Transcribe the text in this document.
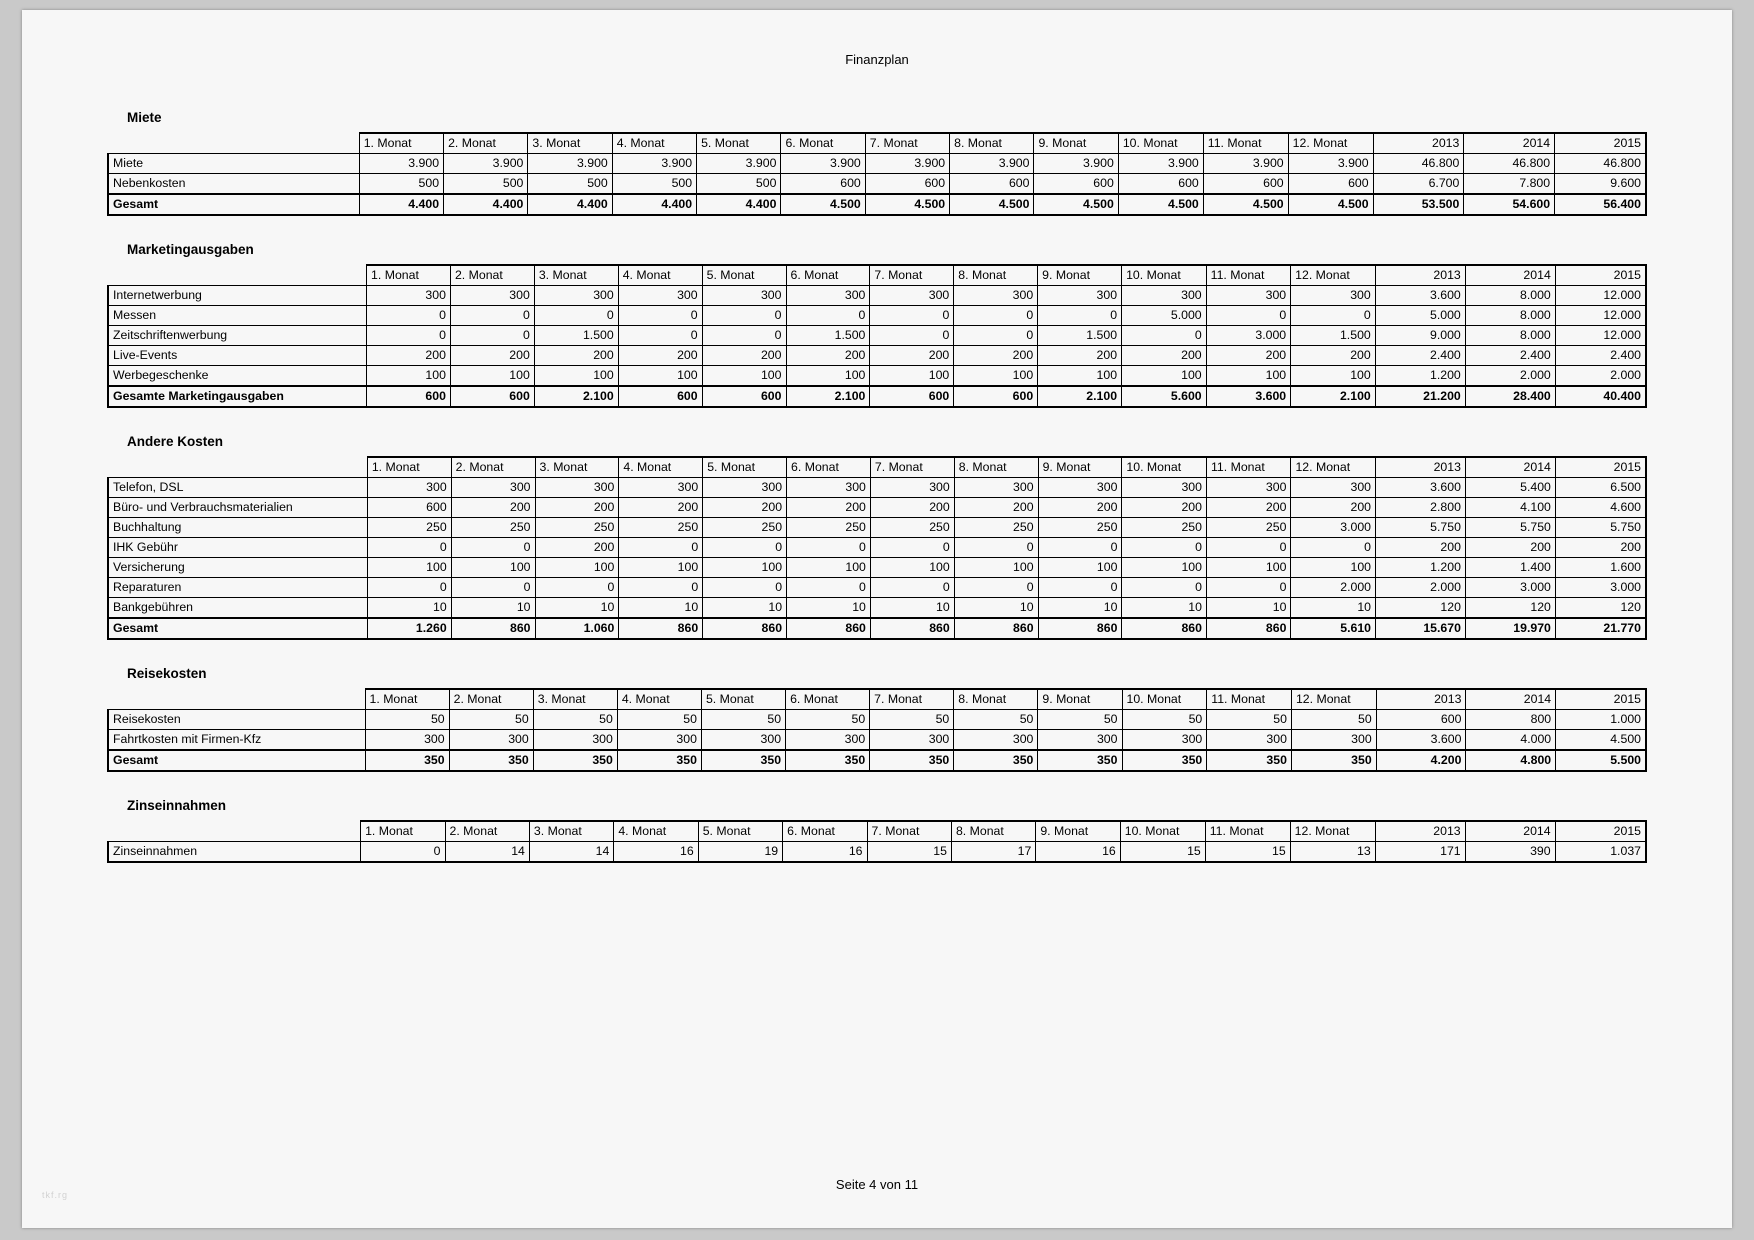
Finanzplan
Miete
	1. Monat	2. Monat	3. Monat	4. Monat	5. Monat	6. Monat	7. Monat	8. Monat	9. Monat	10. Monat	11. Monat	12. Monat	2013	2014	2015
Miete	3.900	3.900	3.900	3.900	3.900	3.900	3.900	3.900	3.900	3.900	3.900	3.900	46.800	46.800	46.800
Nebenkosten	500	500	500	500	500	600	600	600	600	600	600	600	6.700	7.800	9.600
Gesamt	4.400	4.400	4.400	4.400	4.400	4.500	4.500	4.500	4.500	4.500	4.500	4.500	53.500	54.600	56.400
Marketingausgaben
	1. Monat	2. Monat	3. Monat	4. Monat	5. Monat	6. Monat	7. Monat	8. Monat	9. Monat	10. Monat	11. Monat	12. Monat	2013	2014	2015
Internetwerbung	300	300	300	300	300	300	300	300	300	300	300	300	3.600	8.000	12.000
Messen	0	0	0	0	0	0	0	0	0	5.000	0	0	5.000	8.000	12.000
Zeitschriftenwerbung	0	0	1.500	0	0	1.500	0	0	1.500	0	3.000	1.500	9.000	8.000	12.000
Live-Events	200	200	200	200	200	200	200	200	200	200	200	200	2.400	2.400	2.400
Werbegeschenke	100	100	100	100	100	100	100	100	100	100	100	100	1.200	2.000	2.000
Gesamte Marketingausgaben	600	600	2.100	600	600	2.100	600	600	2.100	5.600	3.600	2.100	21.200	28.400	40.400
Andere Kosten
	1. Monat	2. Monat	3. Monat	4. Monat	5. Monat	6. Monat	7. Monat	8. Monat	9. Monat	10. Monat	11. Monat	12. Monat	2013	2014	2015
Telefon, DSL	300	300	300	300	300	300	300	300	300	300	300	300	3.600	5.400	6.500
Büro- und Verbrauchsmaterialien	600	200	200	200	200	200	200	200	200	200	200	200	2.800	4.100	4.600
Buchhaltung	250	250	250	250	250	250	250	250	250	250	250	3.000	5.750	5.750	5.750
IHK Gebühr	0	0	200	0	0	0	0	0	0	0	0	0	200	200	200
Versicherung	100	100	100	100	100	100	100	100	100	100	100	100	1.200	1.400	1.600
Reparaturen	0	0	0	0	0	0	0	0	0	0	0	2.000	2.000	3.000	3.000
Bankgebühren	10	10	10	10	10	10	10	10	10	10	10	10	120	120	120
Gesamt	1.260	860	1.060	860	860	860	860	860	860	860	860	5.610	15.670	19.970	21.770
Reisekosten
	1. Monat	2. Monat	3. Monat	4. Monat	5. Monat	6. Monat	7. Monat	8. Monat	9. Monat	10. Monat	11. Monat	12. Monat	2013	2014	2015
Reisekosten	50	50	50	50	50	50	50	50	50	50	50	50	600	800	1.000
Fahrtkosten mit Firmen-Kfz	300	300	300	300	300	300	300	300	300	300	300	300	3.600	4.000	4.500
Gesamt	350	350	350	350	350	350	350	350	350	350	350	350	4.200	4.800	5.500
Zinseinnahmen
	1. Monat	2. Monat	3. Monat	4. Monat	5. Monat	6. Monat	7. Monat	8. Monat	9. Monat	10. Monat	11. Monat	12. Monat	2013	2014	2015
Zinseinnahmen	0	14	14	16	19	16	15	17	16	15	15	13	171	390	1.037
Seite 4 von 11
tkf.rg
